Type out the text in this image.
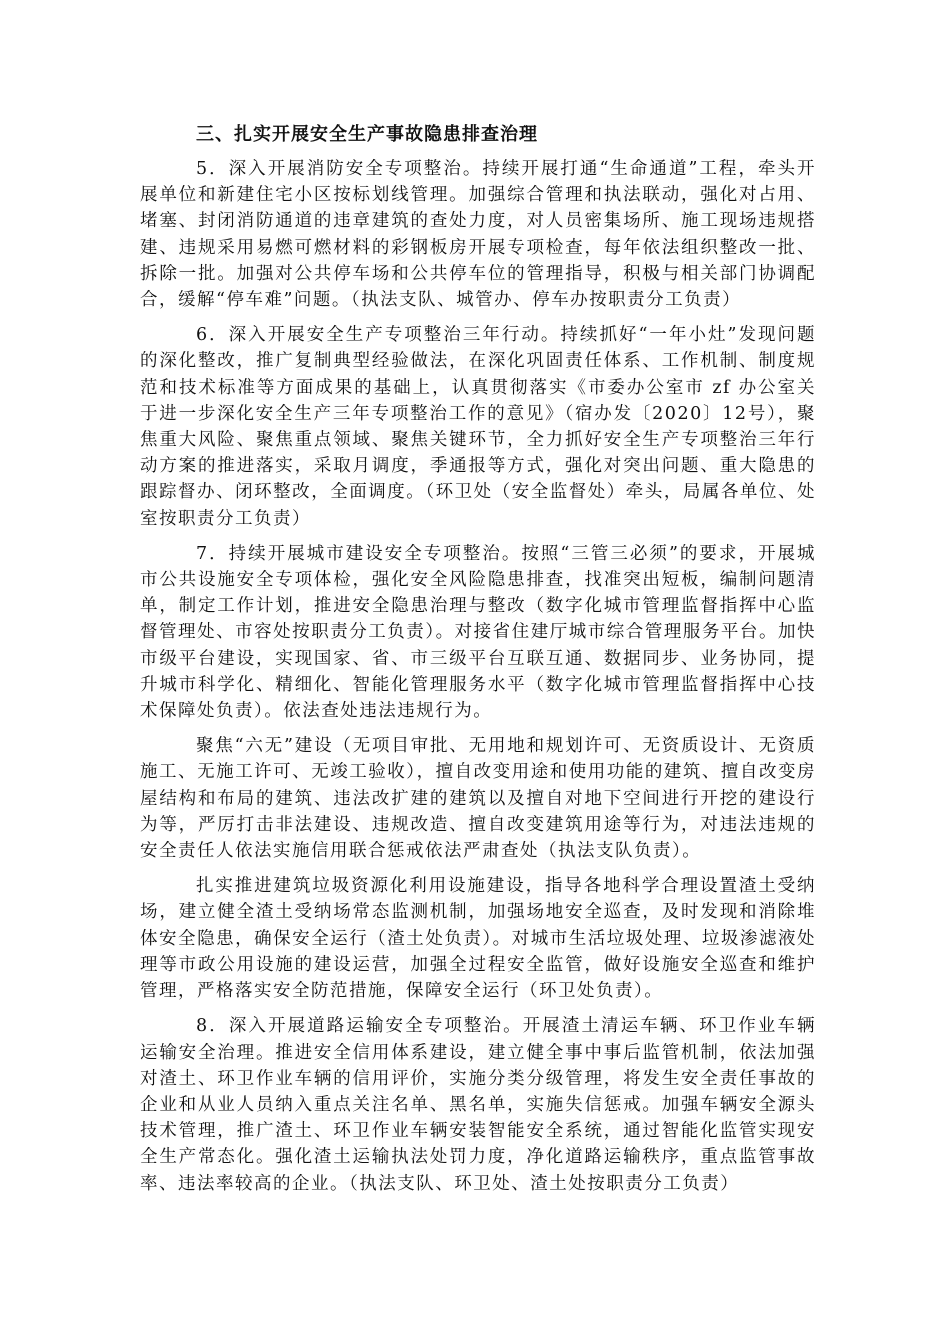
三、扎实开展安全生产事故隐患排查治理

5．深入开展消防安全专项整治。持续开展打通“生命通道”工程，牵头开展单位和新建住宅小区按标划线管理。加强综合管理和执法联动，强化对占用、堵塞、封闭消防通道的违章建筑的查处力度，对人员密集场所、施工现场违规搭建、违规采用易燃可燃材料的彩钢板房开展专项检查，每年依法组织整改一批、拆除一批。加强对公共停车场和公共停车位的管理指导，积极与相关部门协调配合，缓解“停车难”问题。（执法支队、城管办、停车办按职责分工负责）

6．深入开展安全生产专项整治三年行动。持续抓好“一年小灶”发现问题的深化整改，推广复制典型经验做法，在深化巩固责任体系、工作机制、制度规范和技术标准等方面成果的基础上，认真贯彻落实《市委办公室市 zf 办公室关于进一步深化安全生产三年专项整治工作的意见》（宿办发〔2020〕12号），聚焦重大风险、聚焦重点领域、聚焦关键环节，全力抓好安全生产专项整治三年行动方案的推进落实，采取月调度，季通报等方式，强化对突出问题、重大隐患的跟踪督办、闭环整改，全面调度。（环卫处（安全监督处）牵头，局属各单位、处室按职责分工负责）

7．持续开展城市建设安全专项整治。按照“三管三必须”的要求，开展城市公共设施安全专项体检，强化安全风险隐患排查，找准突出短板，编制问题清单，制定工作计划，推进安全隐患治理与整改（数字化城市管理监督指挥中心监督管理处、市容处按职责分工负责）。对接省住建厅城市综合管理服务平台。加快市级平台建设，实现国家、省、市三级平台互联互通、数据同步、业务协同，提升城市科学化、精细化、智能化管理服务水平（数字化城市管理监督指挥中心技术保障处负责）。依法查处违法违规行为。

聚焦“六无”建设（无项目审批、无用地和规划许可、无资质设计、无资质施工、无施工许可、无竣工验收），擅自改变用途和使用功能的建筑、擅自改变房屋结构和布局的建筑、违法改扩建的建筑以及擅自对地下空间进行开挖的建设行为等，严厉打击非法建设、违规改造、擅自改变建筑用途等行为，对违法违规的安全责任人依法实施信用联合惩戒依法严肃查处（执法支队负责）。

扎实推进建筑垃圾资源化利用设施建设，指导各地科学合理设置渣土受纳场，建立健全渣土受纳场常态监测机制，加强场地安全巡查，及时发现和消除堆体安全隐患，确保安全运行（渣土处负责）。对城市生活垃圾处理、垃圾渗滤液处理等市政公用设施的建设运营，加强全过程安全监管，做好设施安全巡查和维护管理，严格落实安全防范措施，保障安全运行（环卫处负责）。

8．深入开展道路运输安全专项整治。开展渣土清运车辆、环卫作业车辆运输安全治理。推进安全信用体系建设，建立健全事中事后监管机制，依法加强对渣土、环卫作业车辆的信用评价，实施分类分级管理，将发生安全责任事故的企业和从业人员纳入重点关注名单、黑名单，实施失信惩戒。加强车辆安全源头技术管理，推广渣土、环卫作业车辆安装智能安全系统，通过智能化监管实现安全生产常态化。强化渣土运输执法处罚力度，净化道路运输秩序，重点监管事故率、违法率较高的企业。（执法支队、环卫处、渣土处按职责分工负责）
